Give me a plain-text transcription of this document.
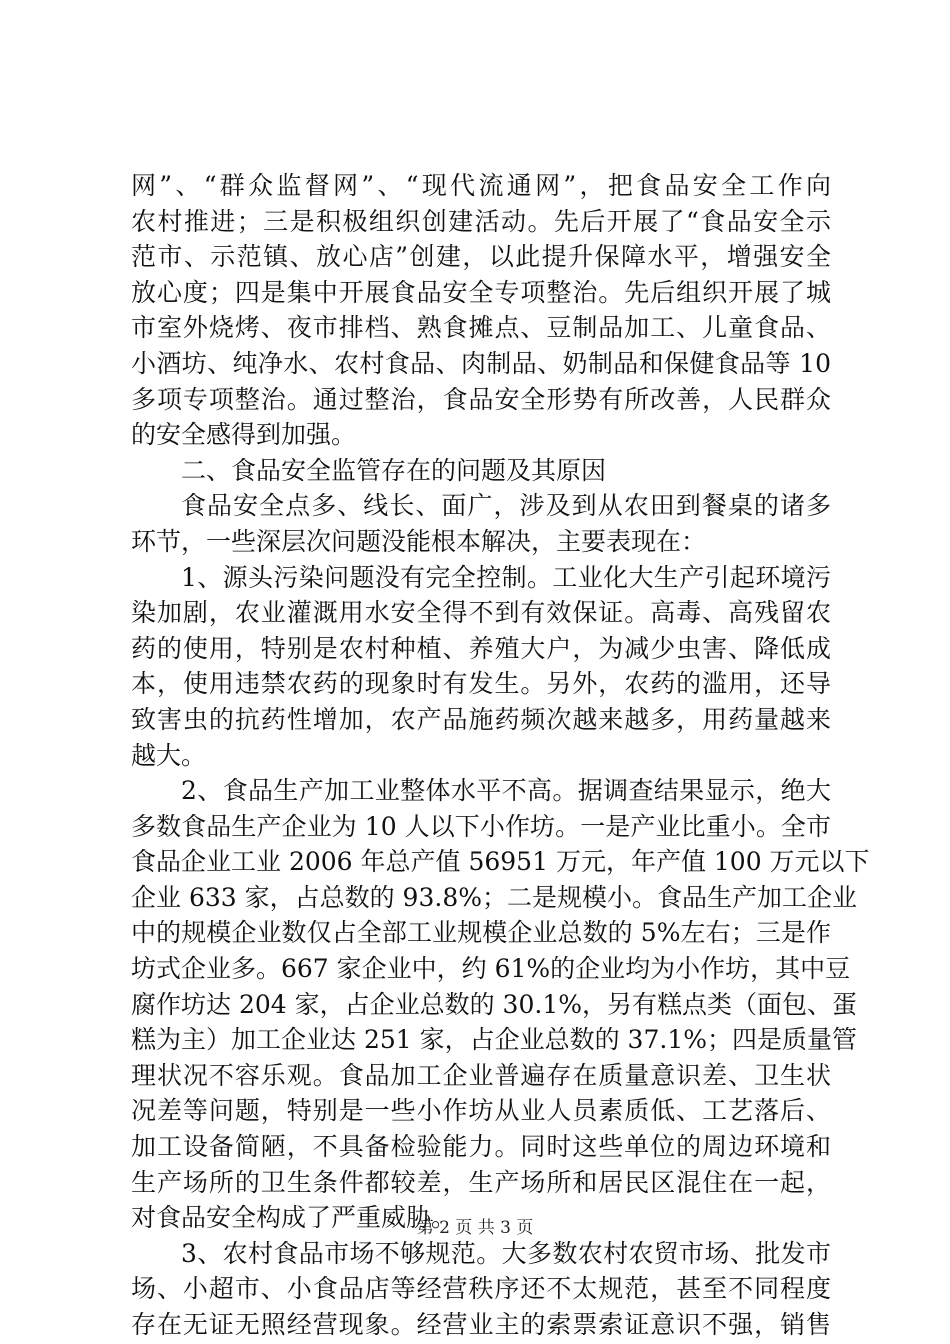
网”、“群众监督网”、“现代流通网”，把食品安全工作向
农村推进；三是积极组织创建活动。先后开展了“食品安全示
范市、示范镇、放心店”创建，以此提升保障水平，增强安全
放心度；四是集中开展食品安全专项整治。先后组织开展了城
市室外烧烤、夜市排档、熟食摊点、豆制品加工、儿童食品、
小酒坊、纯净水、农村食品、肉制品、奶制品和保健食品等 10
多项专项整治。通过整治，食品安全形势有所改善，人民群众
的安全感得到加强。
二、食品安全监管存在的问题及其原因
食品安全点多、线长、面广，涉及到从农田到餐桌的诸多
环节，一些深层次问题没能根本解决，主要表现在：
1、源头污染问题没有完全控制。工业化大生产引起环境污
染加剧，农业灌溉用水安全得不到有效保证。高毒、高残留农
药的使用，特别是农村种植、养殖大户，为减少虫害、降低成
本，使用违禁农药的现象时有发生。另外，农药的滥用，还导
致害虫的抗药性增加，农产品施药频次越来越多，用药量越来
越大。
2、食品生产加工业整体水平不高。据调查结果显示，绝大
多数食品生产企业为 10 人以下小作坊。一是产业比重小。全市
食品企业工业 2006 年总产值 56951 万元，年产值 100 万元以下
企业 633 家，占总数的 93.8%；二是规模小。食品生产加工企业
中的规模企业数仅占全部工业规模企业总数的 5%左右；三是作
坊式企业多。667 家企业中，约 61%的企业均为小作坊，其中豆
腐作坊达 204 家，占企业总数的 30.1%，另有糕点类（面包、蛋
糕为主）加工企业达 251 家，占企业总数的 37.1%；四是质量管
理状况不容乐观。食品加工企业普遍存在质量意识差、卫生状
况差等问题，特别是一些小作坊从业人员素质低、工艺落后、
加工设备简陋，不具备检验能力。同时这些单位的周边环境和
生产场所的卫生条件都较差，生产场所和居民区混住在一起，
对食品安全构成了严重威胁。
3、农村食品市场不够规范。大多数农村农贸市场、批发市
场、小超市、小食品店等经营秩序还不太规范，甚至不同程度
存在无证无照经营现象。经营业主的索票索证意识不强，销售
第 2 页 共 3 页
